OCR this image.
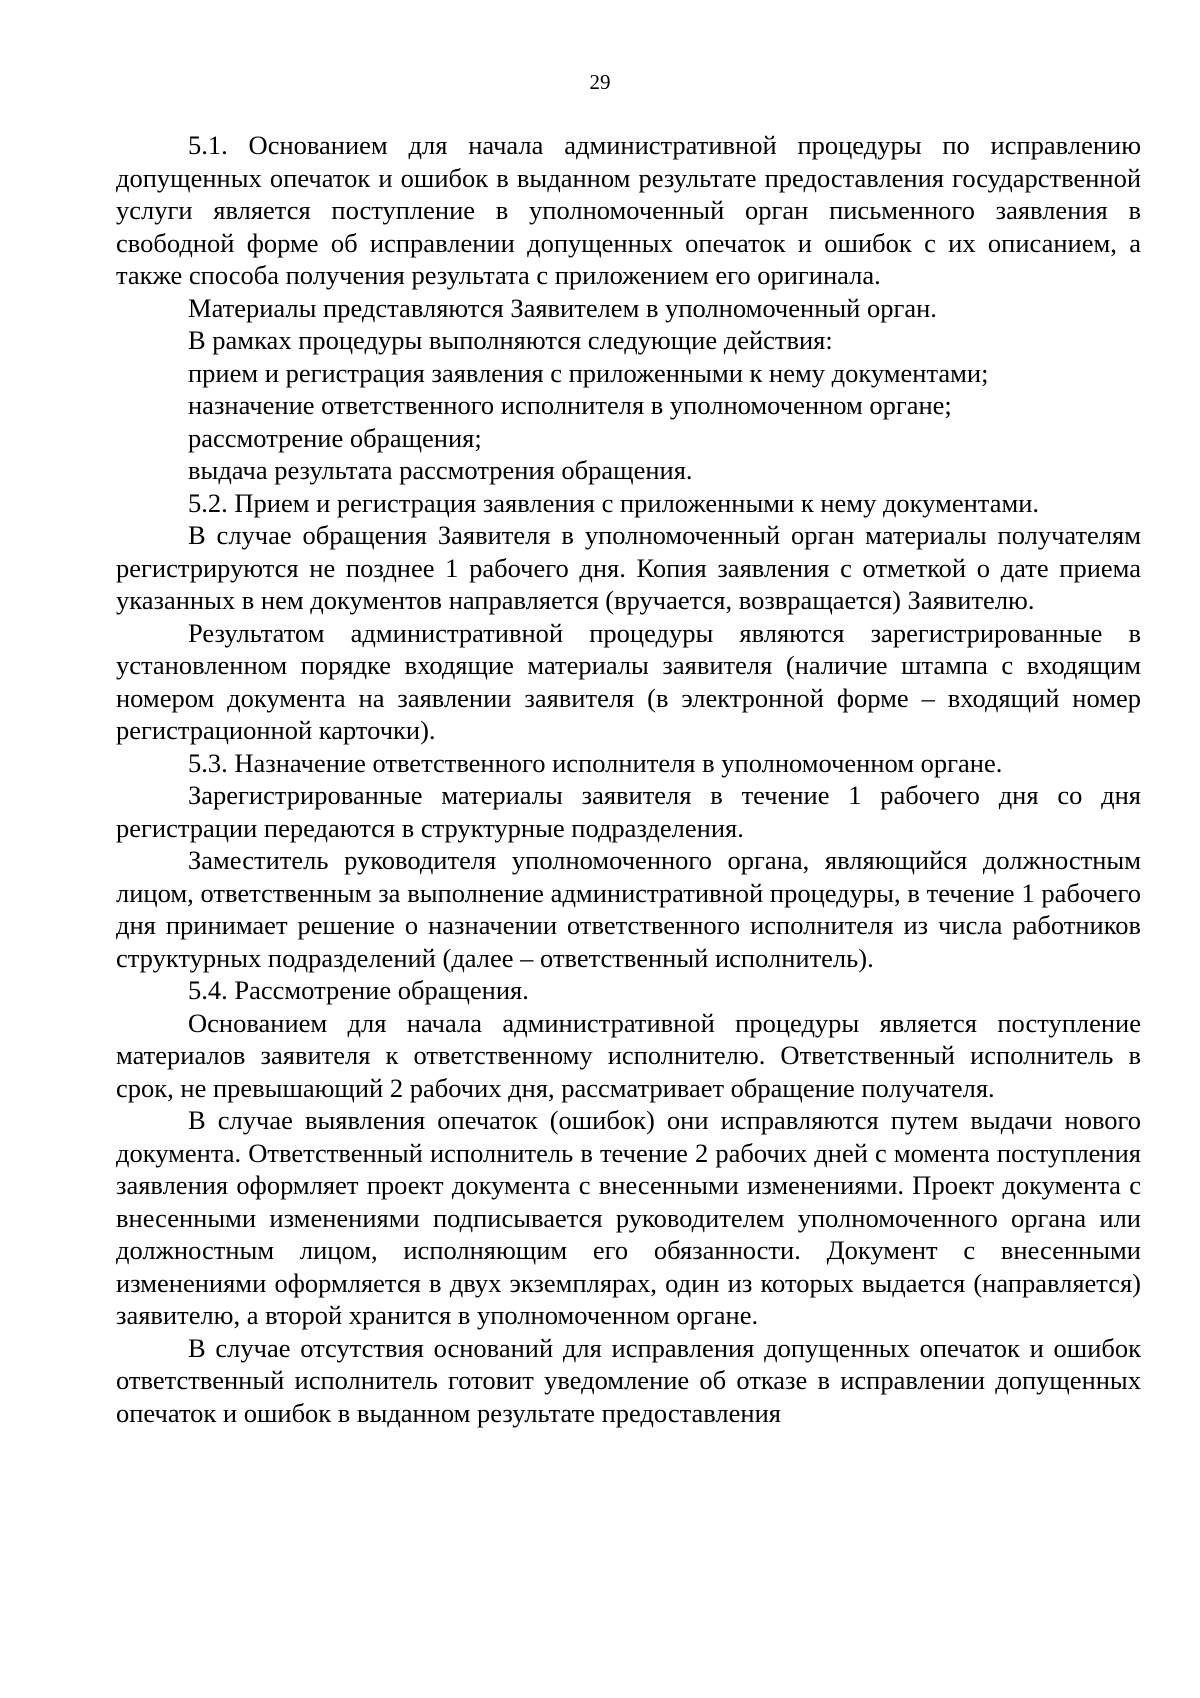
29

5.1. Основанием для начала административной процедуры по исправлению допущенных опечаток и ошибок в выданном результате предоставления государственной услуги является поступление в уполномоченный орган письменного заявления в свободной форме об исправлении допущенных опечаток и ошибок с их описанием, а также способа получения результата с приложением его оригинала.

Материалы представляются Заявителем в уполномоченный орган.

В рамках процедуры выполняются следующие действия:

прием и регистрация заявления с приложенными к нему документами;

назначение ответственного исполнителя в уполномоченном органе;

рассмотрение обращения;

выдача результата рассмотрения обращения.

5.2. Прием и регистрация заявления с приложенными к нему документами.

В случае обращения Заявителя в уполномоченный орган материалы получателям регистрируются не позднее 1 рабочего дня. Копия заявления с отметкой о дате приема указанных в нем документов направляется (вручается, возвращается) Заявителю.

Результатом административной процедуры являются зарегистрированные в установленном порядке входящие материалы заявителя (наличие штампа с входящим номером документа на заявлении заявителя (в электронной форме – входящий номер регистрационной карточки).

5.3. Назначение ответственного исполнителя в уполномоченном органе.

Зарегистрированные материалы заявителя в течение 1 рабочего дня со дня регистрации передаются в структурные подразделения.

Заместитель руководителя уполномоченного органа, являющийся должностным лицом, ответственным за выполнение административной процедуры, в течение 1 рабочего дня принимает решение о назначении ответственного исполнителя из числа работников структурных подразделений (далее – ответственный исполнитель).

5.4. Рассмотрение обращения.

Основанием для начала административной процедуры является поступление материалов заявителя к ответственному исполнителю. Ответственный исполнитель в срок, не превышающий 2 рабочих дня, рассматривает обращение получателя.

В случае выявления опечаток (ошибок) они исправляются путем выдачи нового документа. Ответственный исполнитель в течение 2 рабочих дней с момента поступления заявления оформляет проект документа с внесенными изменениями. Проект документа с внесенными изменениями подписывается руководителем уполномоченного органа или должностным лицом, исполняющим его обязанности. Документ с внесенными изменениями оформляется в двух экземплярах, один из которых выдается (направляется) заявителю, а второй хранится в уполномоченном органе.

В случае отсутствия оснований для исправления допущенных опечаток и ошибок ответственный исполнитель готовит уведомление об отказе в исправлении допущенных опечаток и ошибок в выданном результате предоставления
